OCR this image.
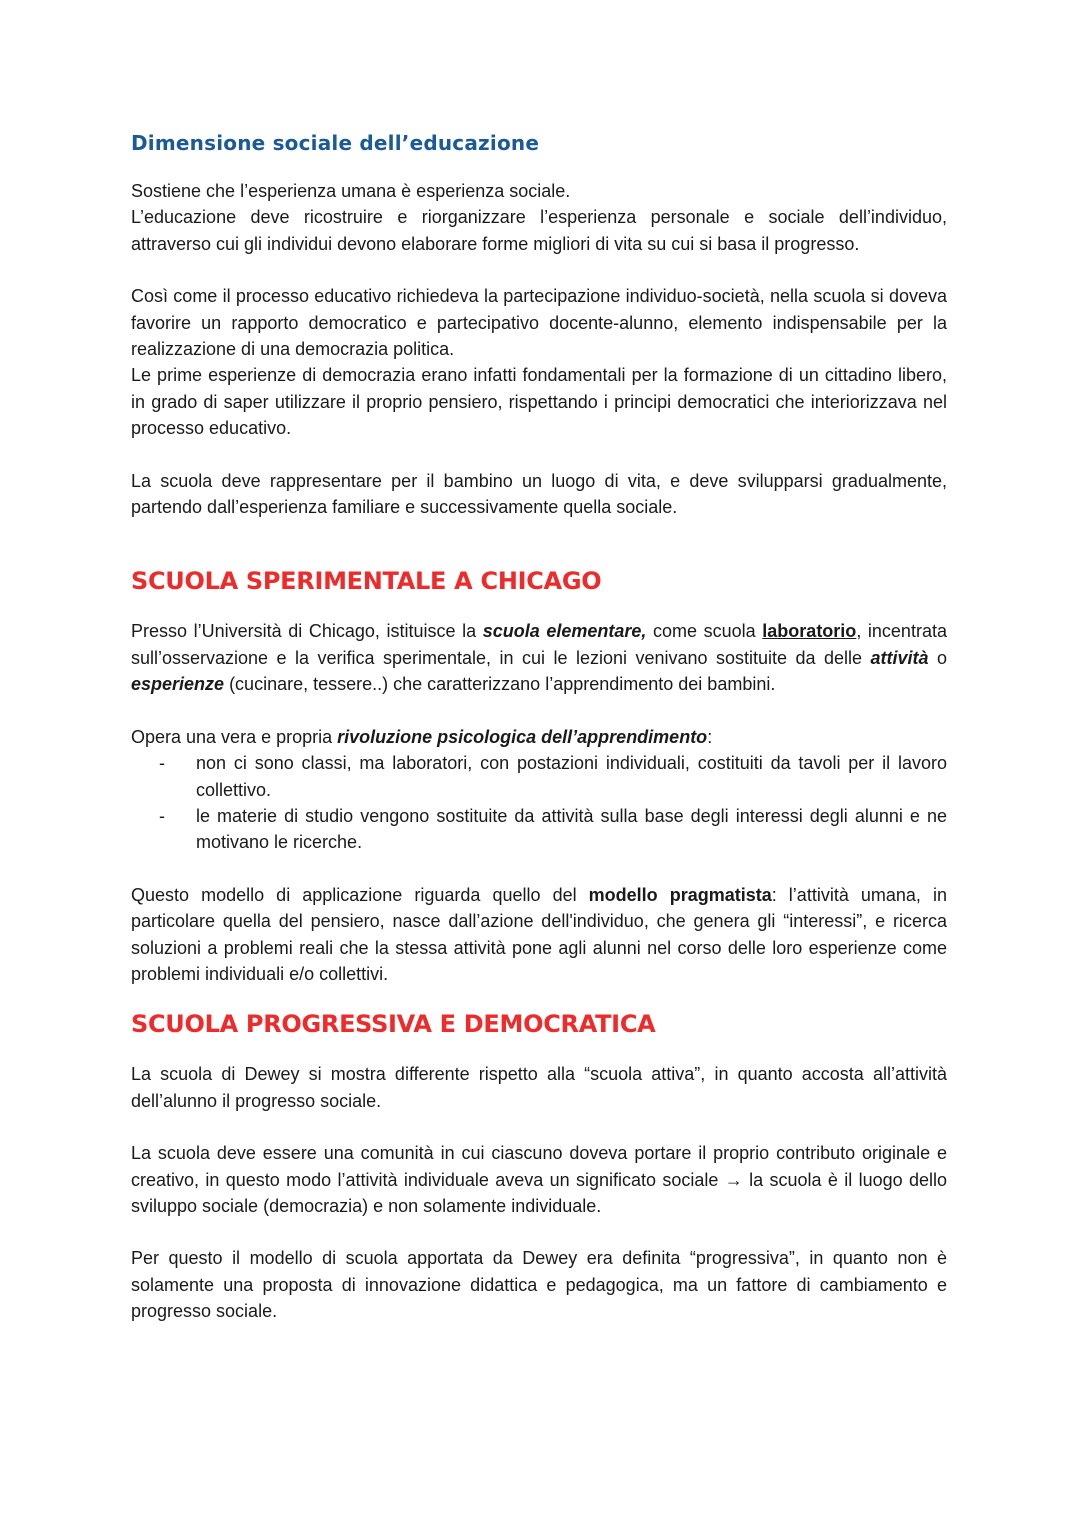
Dimensione sociale dell’educazione

Sostiene che l’esperienza umana è esperienza sociale.
L’educazione deve ricostruire e riorganizzare l’esperienza personale e sociale dell’individuo, attraverso cui gli individui devono elaborare forme migliori di vita su cui si basa il progresso.

Così come il processo educativo richiedeva la partecipazione individuo-società, nella scuola si doveva favorire un rapporto democratico e partecipativo docente-alunno, elemento indispensabile per la realizzazione di una democrazia politica.
Le prime esperienze di democrazia erano infatti fondamentali per la formazione di un cittadino libero, in grado di saper utilizzare il proprio pensiero, rispettando i principi democratici che interiorizzava nel processo educativo.

La scuola deve rappresentare per il bambino un luogo di vita, e deve svilupparsi gradualmente, partendo dall’esperienza familiare e successivamente quella sociale.

SCUOLA SPERIMENTALE A CHICAGO

Presso l’Università di Chicago, istituisce la scuola elementare, come scuola laboratorio, incentrata sull’osservazione e la verifica sperimentale, in cui le lezioni venivano sostituite da delle attività o esperienze (cucinare, tessere..) che caratterizzano l’apprendimento dei bambini.

Opera una vera e propria rivoluzione psicologica dell’apprendimento:

- non ci sono classi, ma laboratori, con postazioni individuali, costituiti da tavoli per il lavoro collettivo.
- le materie di studio vengono sostituite da attività sulla base degli interessi degli alunni e ne motivano le ricerche.

Questo modello di applicazione riguarda quello del modello pragmatista: l’attività umana, in particolare quella del pensiero, nasce dall’azione dell'individuo, che genera gli “interessi”, e ricerca soluzioni a problemi reali che la stessa attività pone agli alunni nel corso delle loro esperienze come problemi individuali e/o collettivi.

SCUOLA PROGRESSIVA E DEMOCRATICA

La scuola di Dewey si mostra differente rispetto alla “scuola attiva”, in quanto accosta all’attività dell’alunno il progresso sociale.

La scuola deve essere una comunità in cui ciascuno doveva portare il proprio contributo originale e creativo, in questo modo l’attività individuale aveva un significato sociale → la scuola è il luogo dello sviluppo sociale (democrazia) e non solamente individuale.

Per questo il modello di scuola apportata da Dewey era definita “progressiva”, in quanto non è solamente una proposta di innovazione didattica e pedagogica, ma un fattore di cambiamento e progresso sociale.
